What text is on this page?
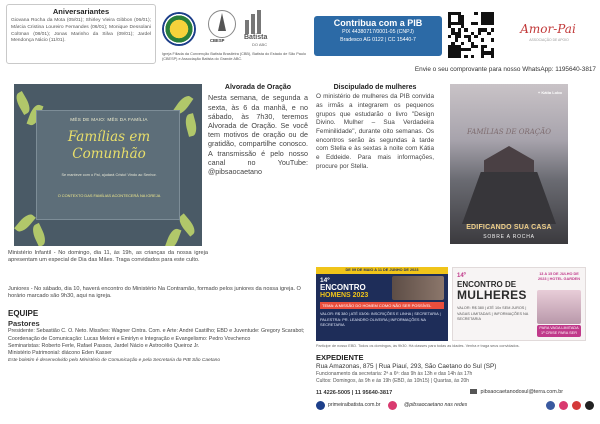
Aniversariantes

Giovana Rocha da Mota (05/01); Shirley Vieira Gibbon (06/01); Márcia Cristina Loureiro Fernandes (06/01); Monique Dessolani Coltman (08/01); Jonas Marinho da Silva (09/01); Jardel Mendonça Nácio (11/01).	CBESP	Batista
DO ABC

Igreja Filiada da Convenção Batista Brasileira (CBB), Batista do Estado de São Paulo (CBESP) e Associação Batista do Grande ABC.

MÊS DE MAIO: MÊS DA FAMÍLIA

Famílias em Comunhão

Se manteve com o Pai, ajudará Cristo! Vindo ao Senhor.

O CONTEXTO DAS FAMÍLIAS ACONTECERÁ NA IGREJA

Ministério Infantil - No domingo, dia 11, às 19h, as crianças da nossa igreja apresentam um especial de Dia das Mães. Traga convidados para este culto.

Juniores - No sábado, dia 10, haverá encontro do Ministério Na Contramão, formado pelos juniores da nossa igreja. O horário marcado são 9h30, aqui na igreja.

EQUIPE
Pastores

Presidente: Sebastião C. O. Neto. Missões: Wagner Cintra. Com. e Arte: André Castilho; EBD e Juventude: Gregory Scarabot; Coordenação de Comunicação: Lucas Meloni e Emirlyn e Integração e Evangelismo: Pedro Vovchenco

Seminaristas: Roberto Ferle, Rafael Passos, Jardel Nácio e Astrocélio Queiroz Jr.

Ministério Patrimonial: diácono Eden Kasser

Este boletim é desenvolvido pelo Ministério de Comunicação e pela Secretaria da PIB São Caetano

Alvorada de Oração

Nesta semana, de segunda a sexta, às 6 da manhã, e no sábado, às 7h30, teremos Alvorada de Oração. Se você tem motivos de oração ou de gratidão, compartilhe conosco. A transmissão é pelo nosso canal no YouTube: @pibsaocaetano

Discipulado de mulheres

O ministério de mulheres da PIB convida as irmãs a integrarem os pequenos grupos que estudarão o livro "Design Divino. Mulher – Sua Verdadeira Feminilidade", durante oito semanas. Os encontros serão às segundas à tarde com Stella e às sextas à noite com Kátia e Eddeide. Para mais informações, procure por Stella.

Contribua com a PIB

PIX 44380717/0001-05 (CNPJ)

Bradesco AG 0122 | CC 15440-7

Amor-Pai
ASSOCIAÇÃO DE APOIO

Envie o seu comprovante para nosso WhatsApp: 1195640-3817

+ Kátia Lobo
FAMÍLIAS DE ORAÇÃO
EDIFICANDO SUA CASA
SOBRE A ROCHA
DE 09 DE MAIO A 11 DE JUNHO DE 2023
14º
ENCONTRO
HOMENS 2023
TEMA: A MISSÃO DO HOMEM COMO NÃO SER POSSÍVEL
VALOR: R$ 380 | ATÉ 03/06: INSCRIÇÕES E LINHA | SECRETARIA | PALESTRA: PR. LEANDRO OLIVEIRA | INFORMAÇÕES NA SECRETARIA
14º
ENCONTRO DE
MULHERES
13 A 15 DE JULHO DE 2023 | HOTEL GARDEN
VALOR: R$ 380 | ATÉ 10x SEM JUROS | VAGAS LIMITADAS | INFORMAÇÕES NA SECRETARIA
PARA VAGA LIMITADA 1º CRISE PARA SER

Participe de nosso EBD. Todos os domingos, às 9h30. Há classes para todas as idades. Venha e traga seus convidados.

EXPEDIENTE
Rua Amazonas, 875 | Rua Piauí, 293, São Caetano do Sul (SP)

Funcionamento da secretaria: 2ª a 6ª: das 9h às 13h e das 14h às 17h

Cultos: Domingos, às 9h e às 19h (EBD, às 10h15) | Quartas, às 20h

11 4226-5005 | 11 95640-3817	pibsaocaetanodosul@terra.com.br
primeiraibatista.com.br	@pibsaocaetano nas redes
